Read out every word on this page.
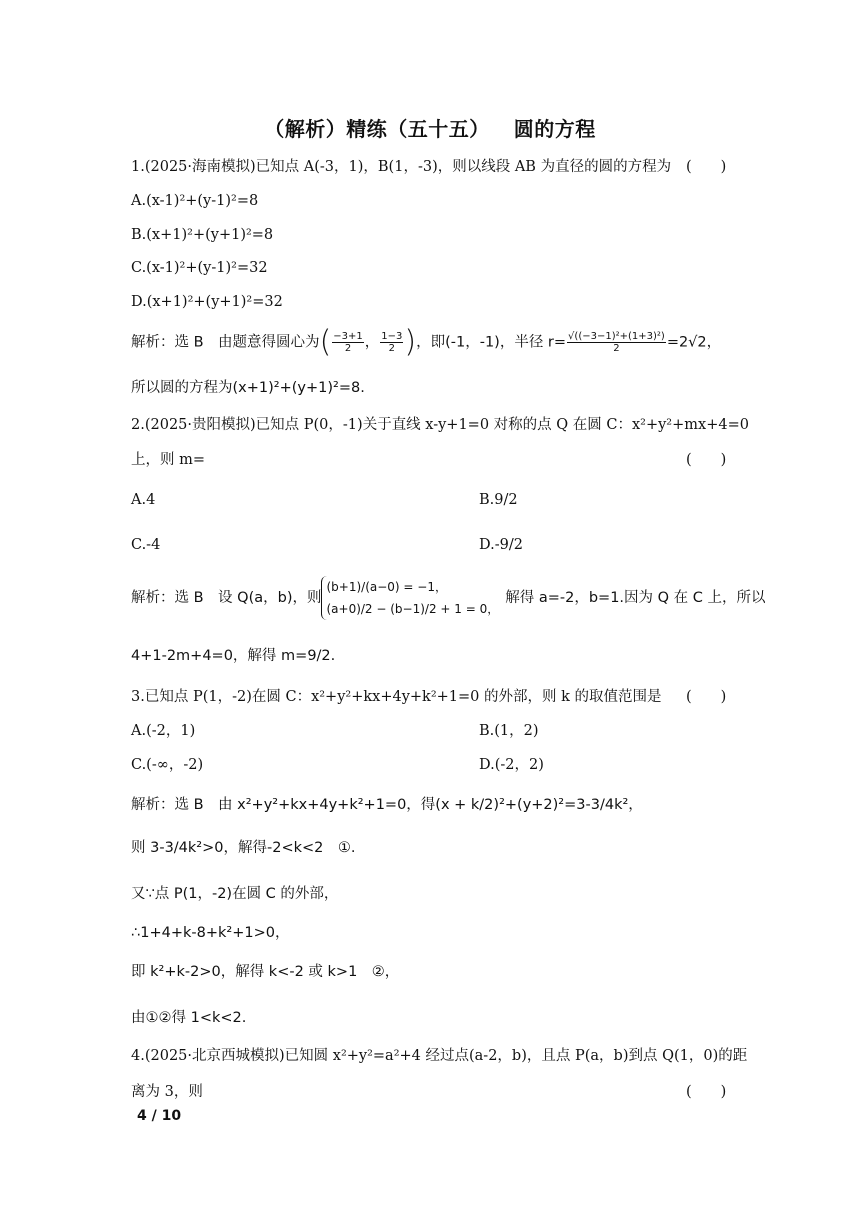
（解析）精练（五十五） 圆的方程
1.(2025·海南模拟)已知点 A(-3，1)，B(1，-3)，则以线段 AB 为直径的圆的方程为 (　　)
A.(x-1)²+(y-1)²=8
B.(x+1)²+(y+1)²=8
C.(x-1)²+(y-1)²=32
D.(x+1)²+(y+1)²=32
解析：选 B　由题意得圆心为( $\frac{-3+1}{2}$ ， $\frac{1-3}{2}$ )，即(-1，-1)，半径 $r= \frac{\text{√((−3−1)²+(1+3)²)}}{2} =2√2$，
所以圆的方程为(x+1)²+(y+1)²=8.
2.(2025·贵阳模拟)已知点 P(0，-1)关于直线 x-y+1=0 对称的点 Q 在圆 C：x²+y²+mx+4=0
上，则 m=	(　　)
A.4	B.9/2
C.-4	D.-9/2
解析：选 B　设 Q(a，b)，则
(b+1)/(a−0) = −1，
(a+0)/2 − (b−1)/2 + 1 = 0，
解得 a=-2，b=1.因为 Q 在 C 上，所以
4+1-2m+4=0，解得 m=9/2.
3.已知点 P(1，-2)在圆 C：x²+y²+kx+4y+k²+1=0 的外部，则 k 的取值范围是 (　　)
A.(-2，1)	B.(1，2)
C.(-∞，-2)	D.(-2，2)
解析：选 B　由 x²+y²+kx+4y+k²+1=0，得(x + k/2)²+(y+2)²=3-3/4k²，
则 3-3/4k²>0，解得-2<k<2　①.
又∵点 P(1，-2)在圆 C 的外部，
∴1+4+k-8+k²+1>0，
即 k²+k-2>0，解得 k<-2 或 k>1　②，
由①②得 1<k<2.
4.(2025·北京西城模拟)已知圆 x²+y²=a²+4 经过点(a-2，b)，且点 P(a，b)到点 Q(1，0)的距
离为 3，则	(　　)
4 / 10
